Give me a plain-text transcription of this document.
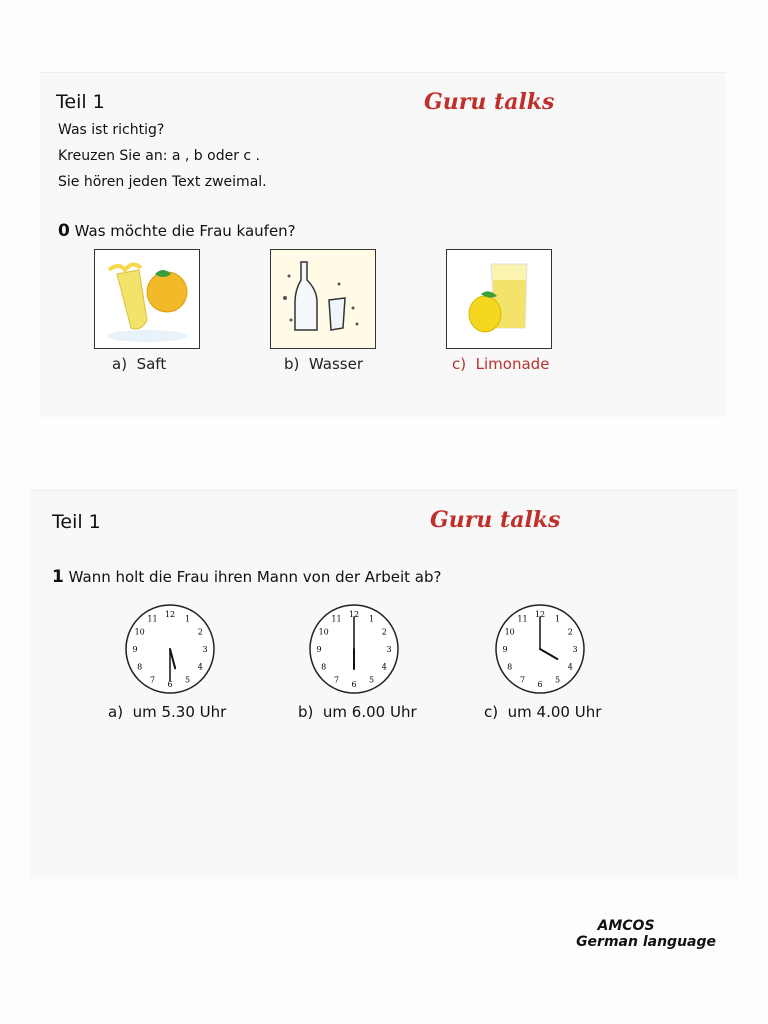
Teil 1	Guru talks
Was ist richtig?
Kreuzen Sie an: a , b oder c .
Sie hören jeden Text zweimal.
0 Was möchte die Frau kaufen?
a) Saft	b) Wasser	c) Limonade
Teil 1	Guru talks
1 Wann holt die Frau ihren Mann von der Arbeit ab?
1
2
3
4
5
6
7
8
9
10
11
12
1
2
3
4
5
6
7
8
9
10
11
12
1
2
3
4
5
6
7
8
9
10
11
12
a) um 5.30 Uhr	b) um 6.00 Uhr	c) um 4.00 Uhr
AMCOS
German language
